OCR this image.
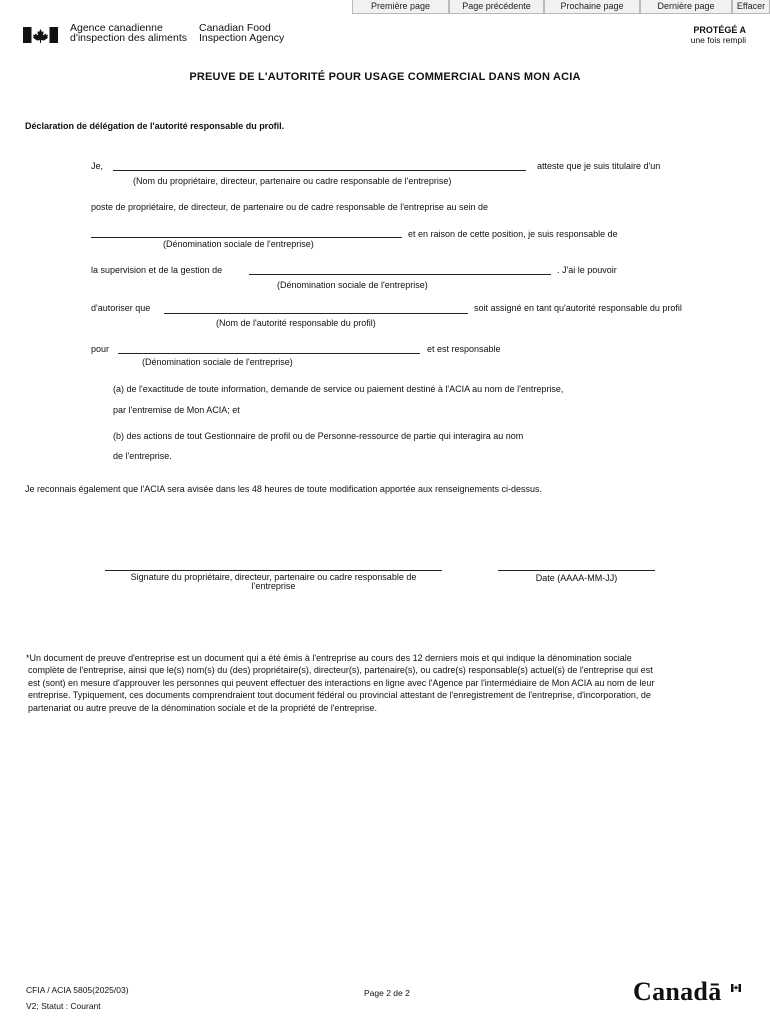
Première page	Page précédente	Prochaine page	Dernière page	Effacer
Agence canadienne
d'inspection des aliments
Canadian Food
Inspection Agency
PROTÉGÉ A
une fois rempli
PREUVE DE L'AUTORITÉ POUR USAGE COMMERCIAL DANS MON ACIA
Déclaration de délégation de l'autorité responsable du profil.
Je,	atteste que je suis titulaire d'un
(Nom du propriétaire, directeur, partenaire ou cadre responsable de l'entreprise)
poste de propriétaire, de directeur, de partenaire ou de cadre responsable de l'entreprise au sein de
et en raison de cette position, je suis responsable de
(Dénomination sociale de l'entreprise)
la supervision et de la gestion de	. J'ai le pouvoir
(Dénomination sociale de l'entreprise)
d'autoriser que	soit assigné en tant qu'autorité responsable du profil
(Nom de l'autorité responsable du profil)
pour	et est responsable
(Dénomination sociale de l'entreprise)
(a) de l'exactitude de toute information, demande de service ou paiement destiné à l'ACIA au nom de l'entreprise,
par l'entremise de Mon ACIA; et
(b) des actions de tout Gestionnaire de profil ou de Personne-ressource de partie qui interagira au nom
de l'entreprise.
Je reconnais également que l'ACIA sera avisée dans les 48 heures de toute modification apportée aux renseignements ci-dessus.
Signature du propriétaire, directeur, partenaire ou cadre responsable de
l'entreprise
Date (AAAA-MM-JJ)
*Un document de preuve d'entreprise est un document qui a été émis à l'entreprise au cours des 12 derniers mois et qui indique la dénomination sociale
complète de l'entreprise, ainsi que le(s) nom(s) du (des) propriétaire(s), directeur(s), partenaire(s), ou cadre(s) responsable(s) actuel(s) de l'entreprise qui est
est (sont) en mesure d'approuver les personnes qui peuvent effectuer des interactions en ligne avec l'Agence par l'intermédiaire de Mon ACIA au nom de leur
entreprise. Typiquement, ces documents comprendraient tout document fédéral ou provincial attestant de l'enregistrement de l'entreprise, d'incorporation, de
partenariat ou autre preuve de la dénomination sociale et de la propriété de l'entreprise.
CFIA / ACIA 5805(2025/03)
V2; Statut : Courant
Page 2 de 2	Canadā
